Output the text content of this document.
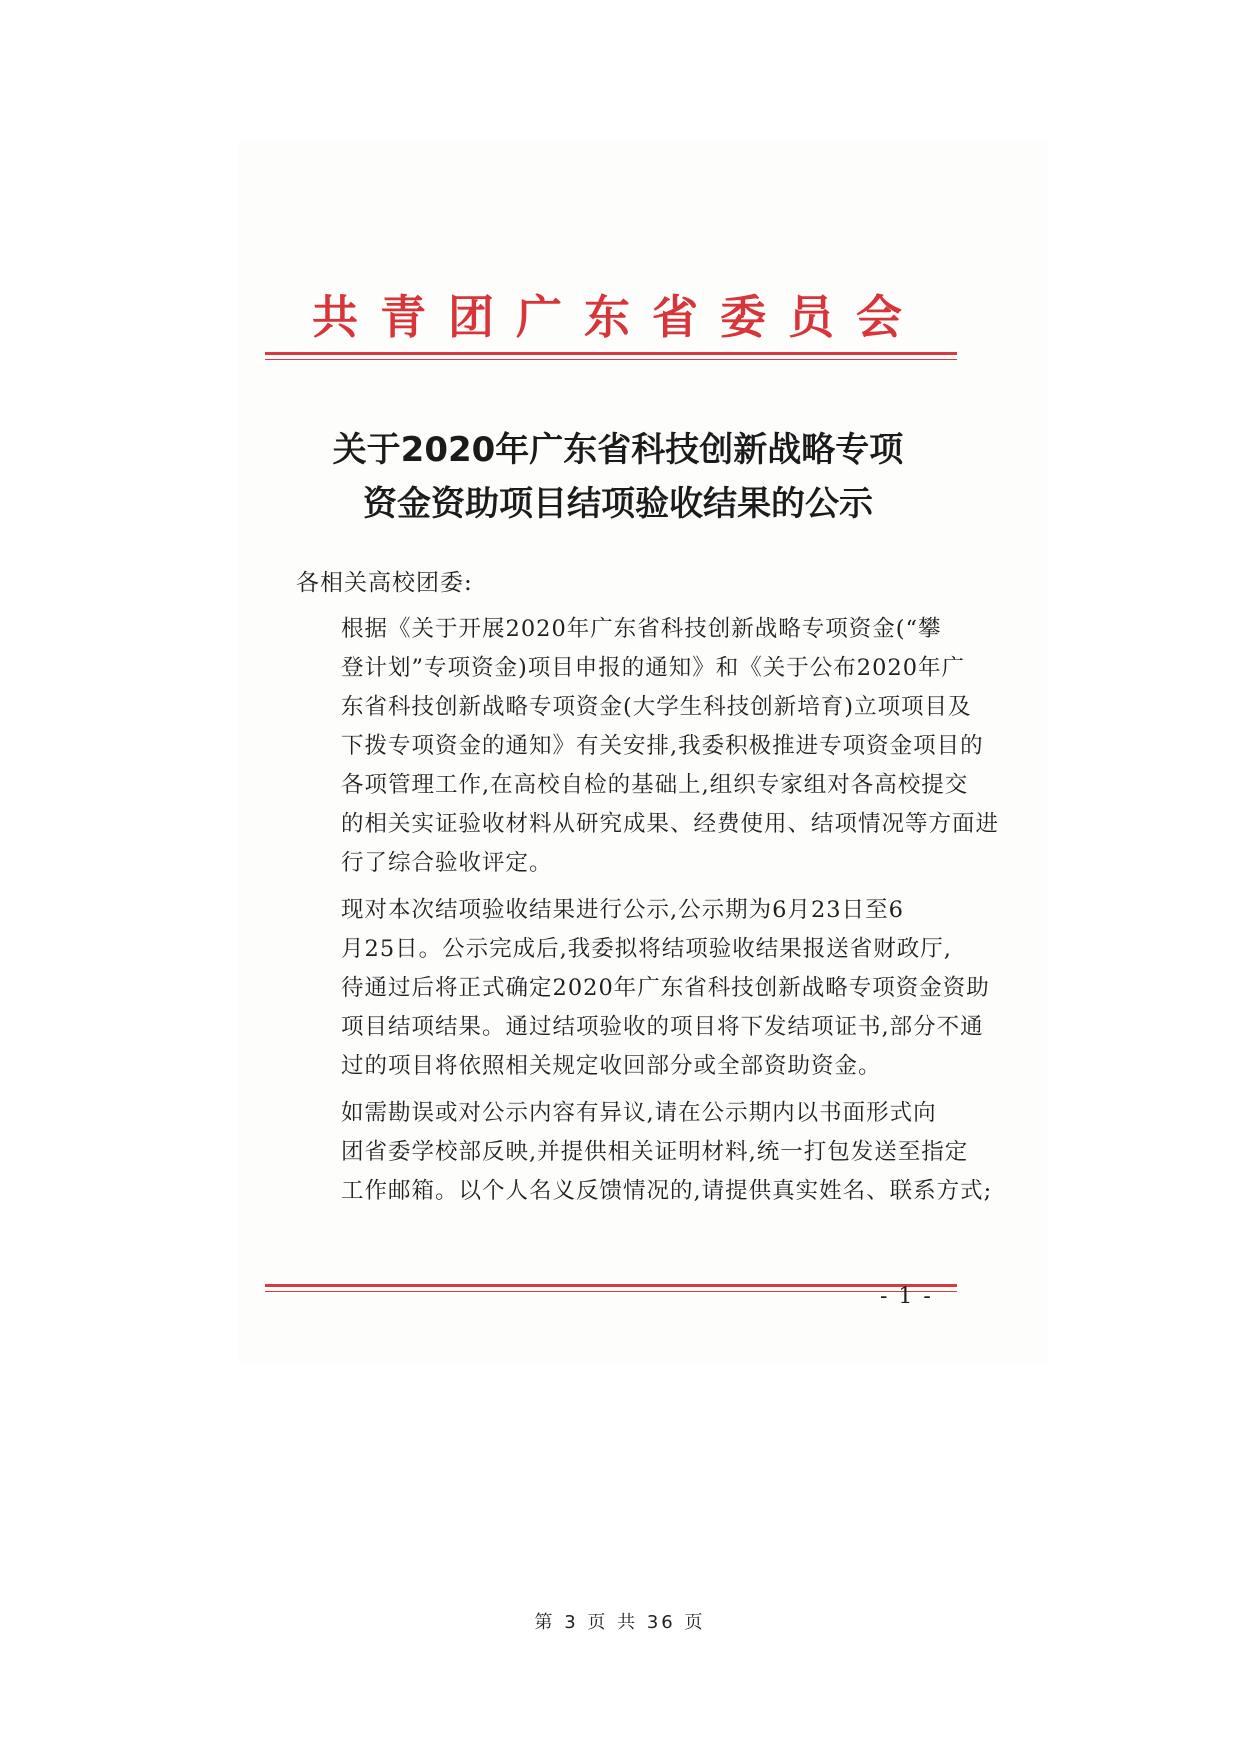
共青团广东省委员会
关于2020年广东省科技创新战略专项
资金资助项目结项验收结果的公示

各相关高校团委:

根据《关于开展2020年广东省科技创新战略专项资金(“攀
登计划”专项资金)项目申报的通知》和《关于公布2020年广
东省科技创新战略专项资金(大学生科技创新培育)立项项目及
下拨专项资金的通知》有关安排,我委积极推进专项资金项目的
各项管理工作,在高校自检的基础上,组织专家组对各高校提交
的相关实证验收材料从研究成果、经费使用、结项情况等方面进
行了综合验收评定。

现对本次结项验收结果进行公示,公示期为6月23日至6
月25日。公示完成后,我委拟将结项验收结果报送省财政厅,
待通过后将正式确定2020年广东省科技创新战略专项资金资助
项目结项结果。通过结项验收的项目将下发结项证书,部分不通
过的项目将依照相关规定收回部分或全部资助资金。

如需勘误或对公示内容有异议,请在公示期内以书面形式向
团省委学校部反映,并提供相关证明材料,统一打包发送至指定
工作邮箱。以个人名义反馈情况的,请提供真实姓名、联系方式;

- 1 -

第 3 页 共 36 页
